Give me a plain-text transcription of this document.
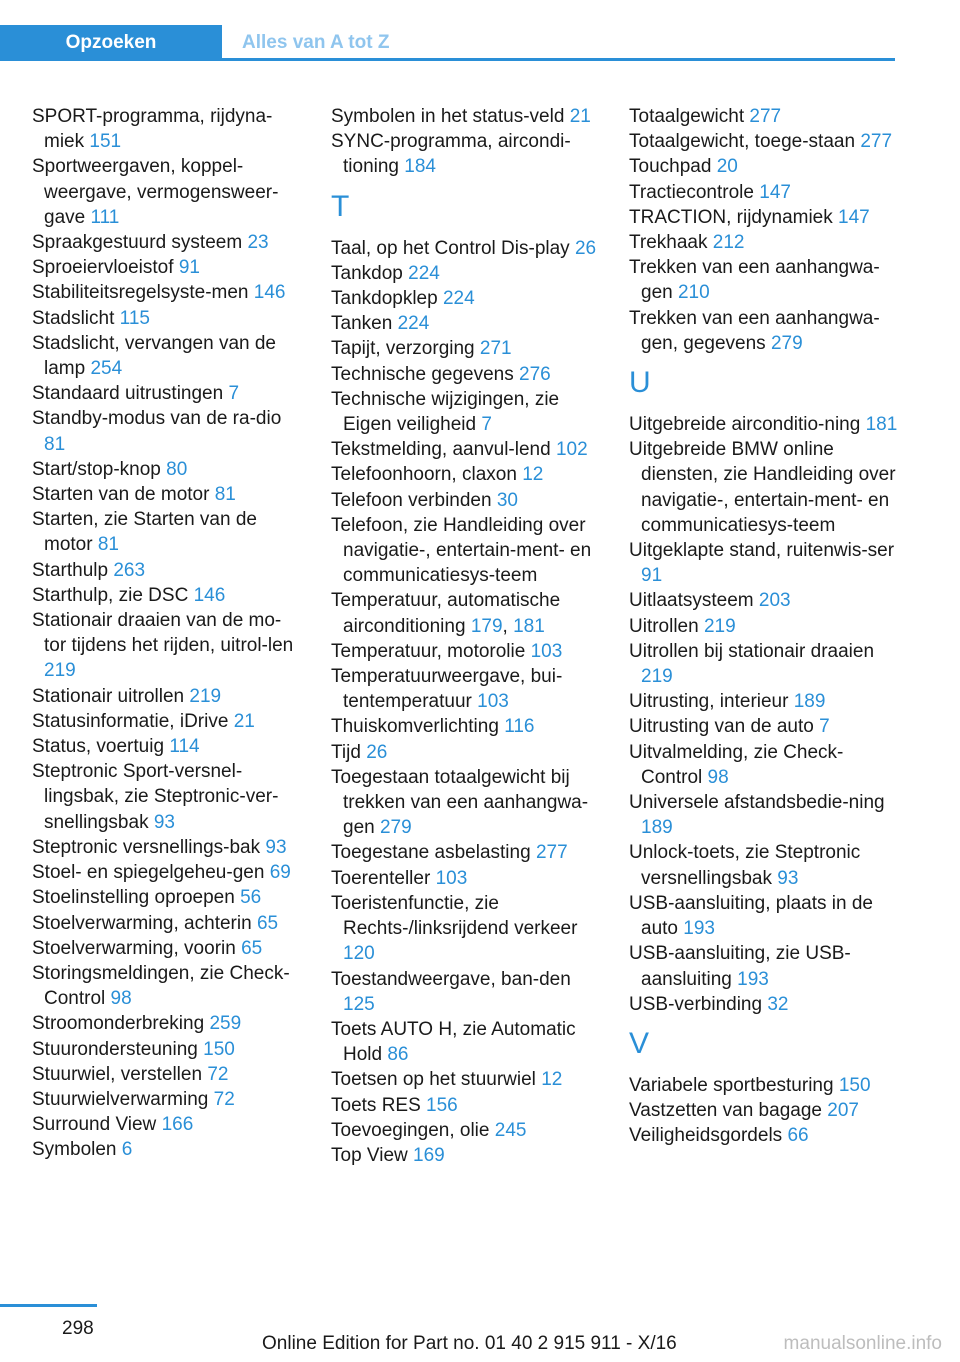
Opzoeken	Alles van A tot Z
SPORT-programma, rijdyna-miek 151
Sportweergaven, koppel-weergave, vermogensweer-gave 111
Spraakgestuurd systeem 23
Sproeiervloeistof 91
Stabiliteitsregelsyste-men 146
Stadslicht 115
Stadslicht, vervangen van de lamp 254
Standaard uitrustingen 7
Standby-modus van de ra-dio 81
Start/stop-knop 80
Starten van de motor 81
Starten, zie Starten van de motor 81
Starthulp 263
Starthulp, zie DSC 146
Stationair draaien van de mo-tor tijdens het rijden, uitrol-len 219
Stationair uitrollen 219
Statusinformatie, iDrive 21
Status, voertuig 114
Steptronic Sport-versnel-lingsbak, zie Steptronic-ver-snellingsbak 93
Steptronic versnellings-bak 93
Stoel- en spiegelgeheu-gen 69
Stoelinstelling oproepen 56
Stoelverwarming, achterin 65
Stoelverwarming, voorin 65
Storingsmeldingen, zie Check-Control 98
Stroomonderbreking 259
Stuurondersteuning 150
Stuurwiel, verstellen 72
Stuurwielverwarming 72
Surround View 166
Symbolen 6
Symbolen in het status-veld 21
SYNC-programma, aircondi-tioning 184
T
Taal, op het Control Dis-play 26
Tankdop 224
Tankdopklep 224
Tanken 224
Tapijt, verzorging 271
Technische gegevens 276
Technische wijzigingen, zie Eigen veiligheid 7
Tekstmelding, aanvul-lend 102
Telefoonhoorn, claxon 12
Telefoon verbinden 30
Telefoon, zie Handleiding over navigatie-, entertain-ment- en communicatiesys-teem
Temperatuur, automatische airconditioning 179, 181
Temperatuur, motorolie 103
Temperatuurweergave, bui-tentemperatuur 103
Thuiskomverlichting 116
Tijd 26
Toegestaan totaalgewicht bij trekken van een aanhangwa-gen 279
Toegestane asbelasting 277
Toerenteller 103
Toeristenfunctie, zie Rechts-/linksrijdend verkeer 120
Toestandweergave, ban-den 125
Toets AUTO H, zie Automatic Hold 86
Toetsen op het stuurwiel 12
Toets RES 156
Toevoegingen, olie 245
Top View 169
Totaalgewicht 277
Totaalgewicht, toege-staan 277
Touchpad 20
Tractiecontrole 147
TRACTION, rijdynamiek 147
Trekhaak 212
Trekken van een aanhangwa-gen 210
Trekken van een aanhangwa-gen, gegevens 279
U
Uitgebreide airconditio-ning 181
Uitgebreide BMW online diensten, zie Handleiding over navigatie-, entertain-ment- en communicatiesys-teem
Uitgeklapte stand, ruitenwis-ser 91
Uitlaatsysteem 203
Uitrollen 219
Uitrollen bij stationair draaien 219
Uitrusting, interieur 189
Uitrusting van de auto 7
Uitvalmelding, zie Check-Control 98
Universele afstandsbedie-ning 189
Unlock-toets, zie Steptronic versnellingsbak 93
USB-aansluiting, plaats in de auto 193
USB-aansluiting, zie USB-aansluiting 193
USB-verbinding 32
V
Variabele sportbesturing 150
Vastzetten van bagage 207
Veiligheidsgordels 66
298
Online Edition for Part no. 01 40 2 915 911 - X/16	manualsonline.info
